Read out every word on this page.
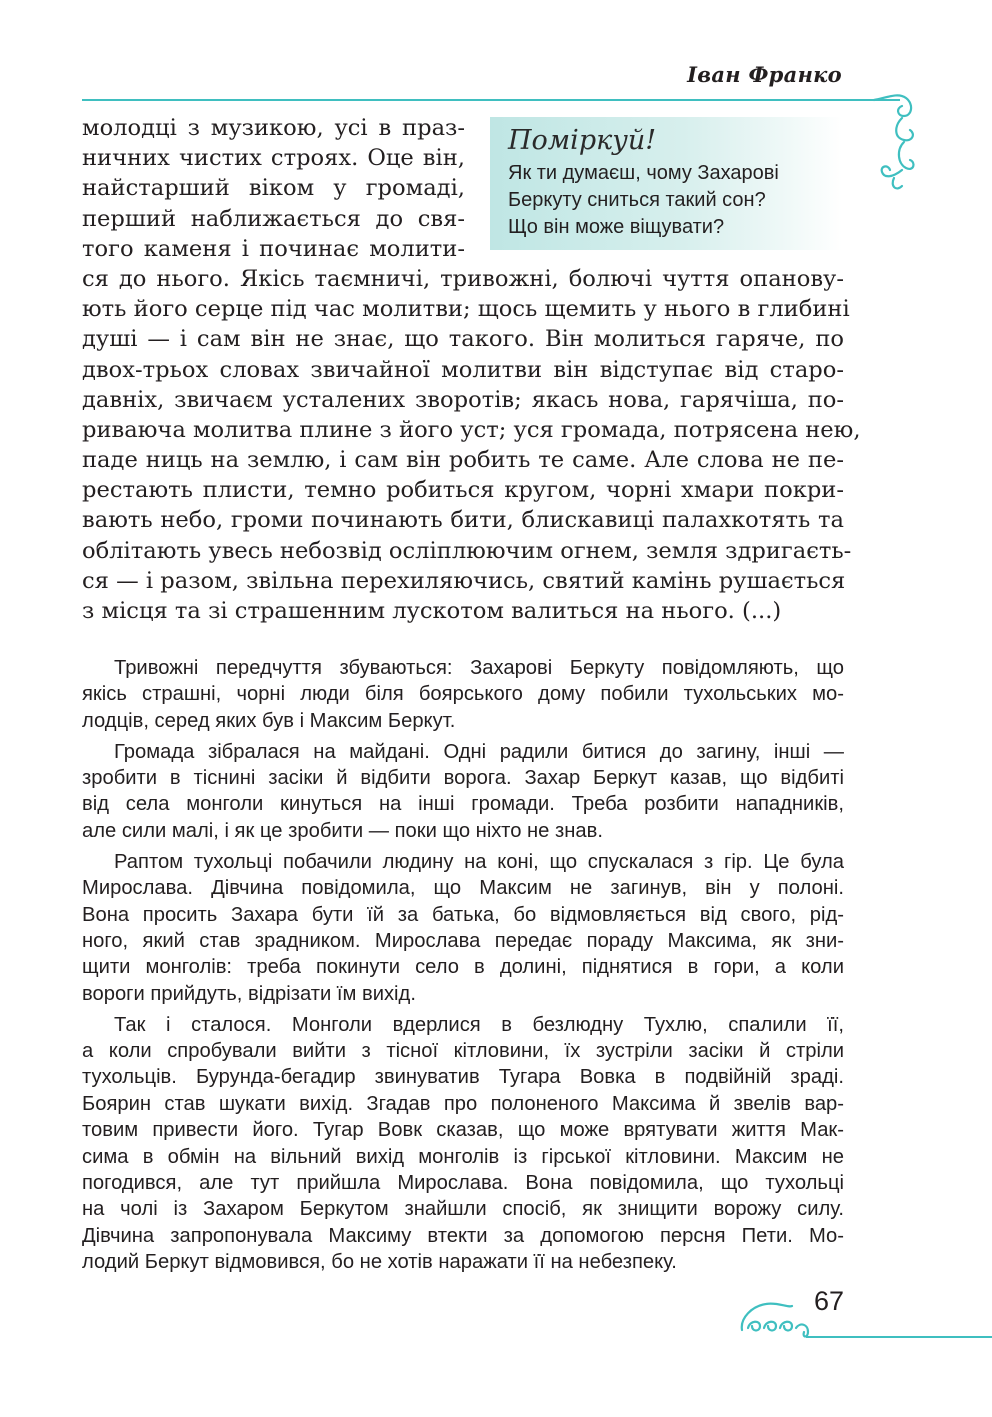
Іван Франко
Поміркуй!
Як ти думаєш, чому Захарові
Беркуту сниться такий сон?
Що він може віщувати?
молодці з музикою, усі в праз-
ничних чистих строях. Оце він,
найстарший віком у громаді,
перший наближається до свя-
того каменя і починає молити-
ся до нього. Якісь таємничі, тривожні, болючі чуття опанову-
ють його серце під час молитви; щось щемить у нього в глибині
душі — і сам він не знає, що такого. Він молиться гаряче, по
двох-трьох словах звичайної молитви він відступає від старо-
давніх, звичаєм усталених зворотів; якась нова, гарячіша, по-
риваюча молитва плине з його уст; уся громада, потрясена нею,
паде ниць на землю, і сам він робить те саме. Але слова не пе-
рестають плисти, темно робиться кругом, чорні хмари покри-
вають небо, громи починають бити, блискавиці палахкотять та
облітають увесь небозвід осліплюючим огнем, земля здригаєть-
ся — і разом, звільна перехиляючись, святий камінь рушається
з місця та зі страшенним лускотом валиться на нього. (...)
Тривожні передчуття збуваються: Захарові Беркуту повідомляють, що
якісь страшні, чорні люди біля боярського дому побили тухольських мо-
лодців, серед яких був і Максим Беркут.
Громада зібралася на майдані. Одні радили битися до загину, інші —
зробити в тіснині засіки й відбити ворога. Захар Беркут казав, що відбиті
від села монголи кинуться на інші громади. Треба розбити нападників,
але сили малі, і як це зробити — поки що ніхто не знав.
Раптом тухольці побачили людину на коні, що спускалася з гір. Це була
Мирослава. Дівчина повідомила, що Максим не загинув, він у полоні.
Вона просить Захара бути їй за батька, бо відмовляється від свого, рід-
ного, який став зрадником. Мирослава передає пораду Максима, як зни-
щити монголів: треба покинути село в долині, піднятися в гори, а коли
вороги прийдуть, відрізати їм вихід.
Так і сталося. Монголи вдерлися в безлюдну Тухлю, спалили її,
а коли спробували вийти з тісної кітловини, їх зустріли засіки й стріли
тухольців. Бурунда-бегадир звинуватив Тугара Вовка в подвійній зраді.
Боярин став шукати вихід. Згадав про полоненого Максима й звелів вар-
товим привести його. Тугар Вовк сказав, що може врятувати життя Мак-
сима в обмін на вільний вихід монголів із гірської кітловини. Максим не
погодився, але тут прийшла Мирослава. Вона повідомила, що тухольці
на чолі із Захаром Беркутом знайшли спосіб, як знищити ворожу силу.
Дівчина запропонувала Максиму втекти за допомогою персня Пети. Мо-
лодий Беркут відмовився, бо не хотів наражати її на небезпеку.
67
